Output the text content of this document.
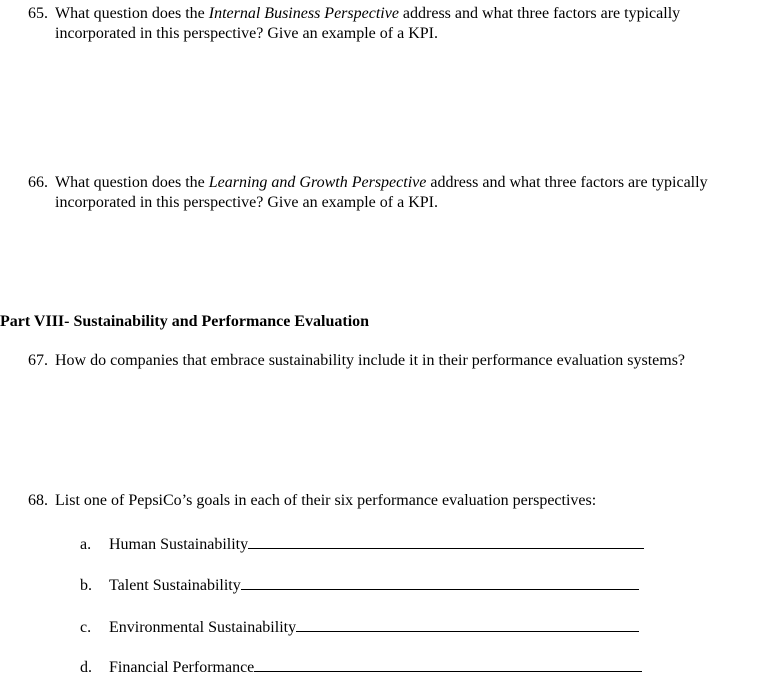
65. What question does the Internal Business Perspective address and what three factors are typically incorporated in this perspective? Give an example of a KPI.
66. What question does the Learning and Growth Perspective address and what three factors are typically incorporated in this perspective? Give an example of a KPI.
Part VIII- Sustainability and Performance Evaluation
67. How do companies that embrace sustainability include it in their performance evaluation systems?
68. List one of PepsiCo’s goals in each of their six performance evaluation perspectives:
a.	Human Sustainability
b.	Talent Sustainability
c.	Environmental Sustainability
d.	Financial Performance
